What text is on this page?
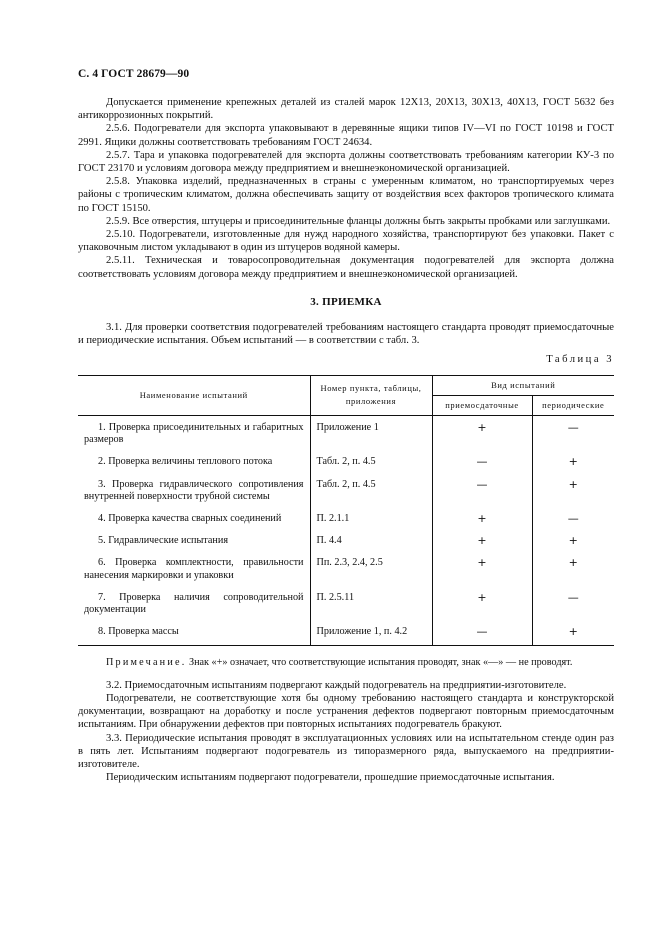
С. 4 ГОСТ 28679—90

Допускается применение крепежных деталей из сталей марок 12Х13, 20Х13, 30Х13, 40Х13, ГОСТ 5632 без антикоррозионных покрытий.

2.5.6. Подогреватели для экспорта упаковывают в деревянные ящики типов IV—VI по ГОСТ 10198 и ГОСТ 2991. Ящики должны соответствовать требованиям ГОСТ 24634.

2.5.7. Тара и упаковка подогревателей для экспорта должны соответствовать требованиям категории КУ-3 по ГОСТ 23170 и условиям договора между предприятием и внешнеэкономической организацией.

2.5.8. Упаковка изделий, предназначенных в страны с умеренным климатом, но транспортируемых через районы с тропическим климатом, должна обеспечивать защиту от воздействия всех факторов тропического климата по ГОСТ 15150.

2.5.9. Все отверстия, штуцеры и присоединительные фланцы должны быть закрыты пробками или заглушками.

2.5.10. Подогреватели, изготовленные для нужд народного хозяйства, транспортируют без упаковки. Пакет с упаковочным листом укладывают в один из штуцеров водяной камеры.

2.5.11. Техническая и товаросопроводительная документация подогревателей для экспорта должна соответствовать условиям договора между предприятием и внешнеэкономической организацией.

3. ПРИЕМКА

3.1. Для проверки соответствия подогревателей требованиям настоящего стандарта проводят приемосдаточные и периодические испытания. Объем испытаний — в соответствии с табл. 3.

Таблица 3

Наименование испытаний	Номер пункта, таблицы, приложения	Вид испытаний	
		приемосдаточные	периодические
1. Проверка присоединительных и габаритных размеров	Приложение 1	+	—
2. Проверка величины теплового потока	Табл. 2, п. 4.5	—	+
3. Проверка гидравлического сопротивления внутренней поверхности трубной системы	Табл. 2, п. 4.5	—	+
4. Проверка качества сварных соединений	П. 2.1.1	+	—
5. Гидравлические испытания	П. 4.4	+	+
6. Проверка комплектности, правильности нанесения маркировки и упаковки	Пп. 2.3, 2.4, 2.5	+	+
7. Проверка наличия сопроводительной документации	П. 2.5.11	+	—
8. Проверка массы	Приложение 1, п. 4.2	—	+

Примечание. Знак «+» означает, что соответствующие испытания проводят, знак «—» — не проводят.

3.2. Приемосдаточным испытаниям подвергают каждый подогреватель на предприятии-изготовителе.

Подогреватели, не соответствующие хотя бы одному требованию настоящего стандарта и конструкторской документации, возвращают на доработку и после устранения дефектов подвергают повторным приемосдаточным испытаниям. При обнаружении дефектов при повторных испытаниях подогреватель бракуют.

3.3. Периодические испытания проводят в эксплуатационных условиях или на испытательном стенде один раз в пять лет. Испытаниям подвергают подогреватель из типоразмерного ряда, выпускаемого на предприятии-изготовителе.

Периодическим испытаниям подвергают подогреватели, прошедшие приемосдаточные испытания.
